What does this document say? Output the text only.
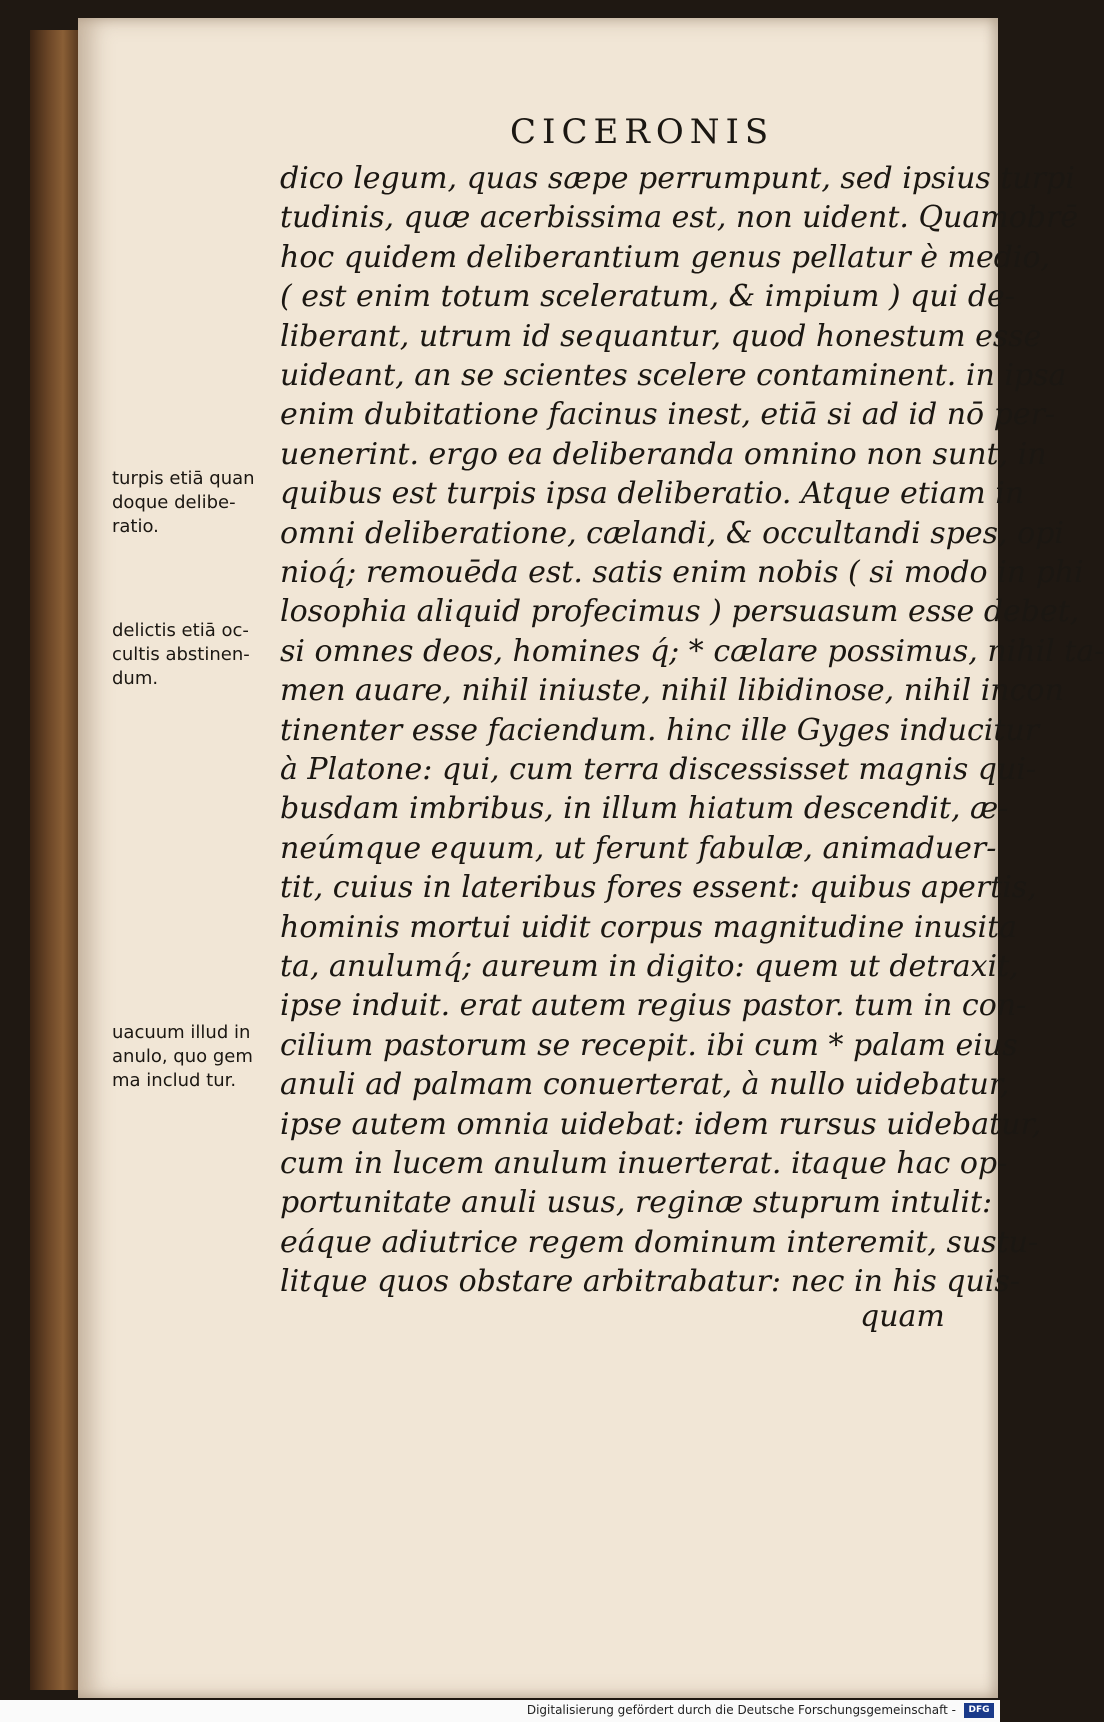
CICERONIS

dico legum, quas sæpe perrumpunt, sed ipsius turpi

tudinis, quæ acerbissima est, non uident. Quamobrē

hoc quidem deliberantium genus pellatur è medio,

( est enim totum sceleratum, & impium ) qui de-

liberant, utrum id sequantur, quod honestum esse

uideant, an se scientes scelere contaminent. in ipsa

enim dubitatione facinus inest, etiā si ad id nō per-

uenerint. ergo ea deliberanda omnino non sunt, in

quibus est turpis ipsa deliberatio. Atque etiam in

omni deliberatione, cælandi, & occultandi spes, opi

nioq́; remouēda est. satis enim nobis ( si modo in phi

losophia aliquid profecimus ) persuasum esse debet,

si omnes deos, homines q́; * cælare possimus, nihil ta-

men auare, nihil iniuste, nihil libidinose, nihil incon

tinenter esse faciendum. hinc ille Gyges inducitur

à Platone: qui, cum terra discessisset magnis qui-

busdam imbribus, in illum hiatum descendit, æ-

neúmque equum, ut ferunt fabulæ, animaduer-

tit, cuius in lateribus fores essent: quibus apertis,

hominis mortui uidit corpus magnitudine inusita

ta, anulumq́; aureum in digito: quem ut detraxit,

ipse induit. erat autem regius pastor. tum in con-

cilium pastorum se recepit. ibi cum * palam eius

anuli ad palmam conuerterat, à nullo uidebatur,

ipse autem omnia uidebat: idem rursus uidebatur,

cum in lucem anulum inuerterat. itaque hac op-

portunitate anuli usus, reginæ stuprum intulit:

eáque adiutrice regem dominum interemit, sustu-

litque quos obstare arbitrabatur: nec in his quis-

turpis etiā quan

doque delibe-

ratio.

delictis etiā oc-

cultis abstinen-

dum.

uacuum illud in

anulo, quo gem

ma includ tur.

quam

Digitalisierung gefördert durch die Deutsche Forschungsgemeinschaft -	DFG
